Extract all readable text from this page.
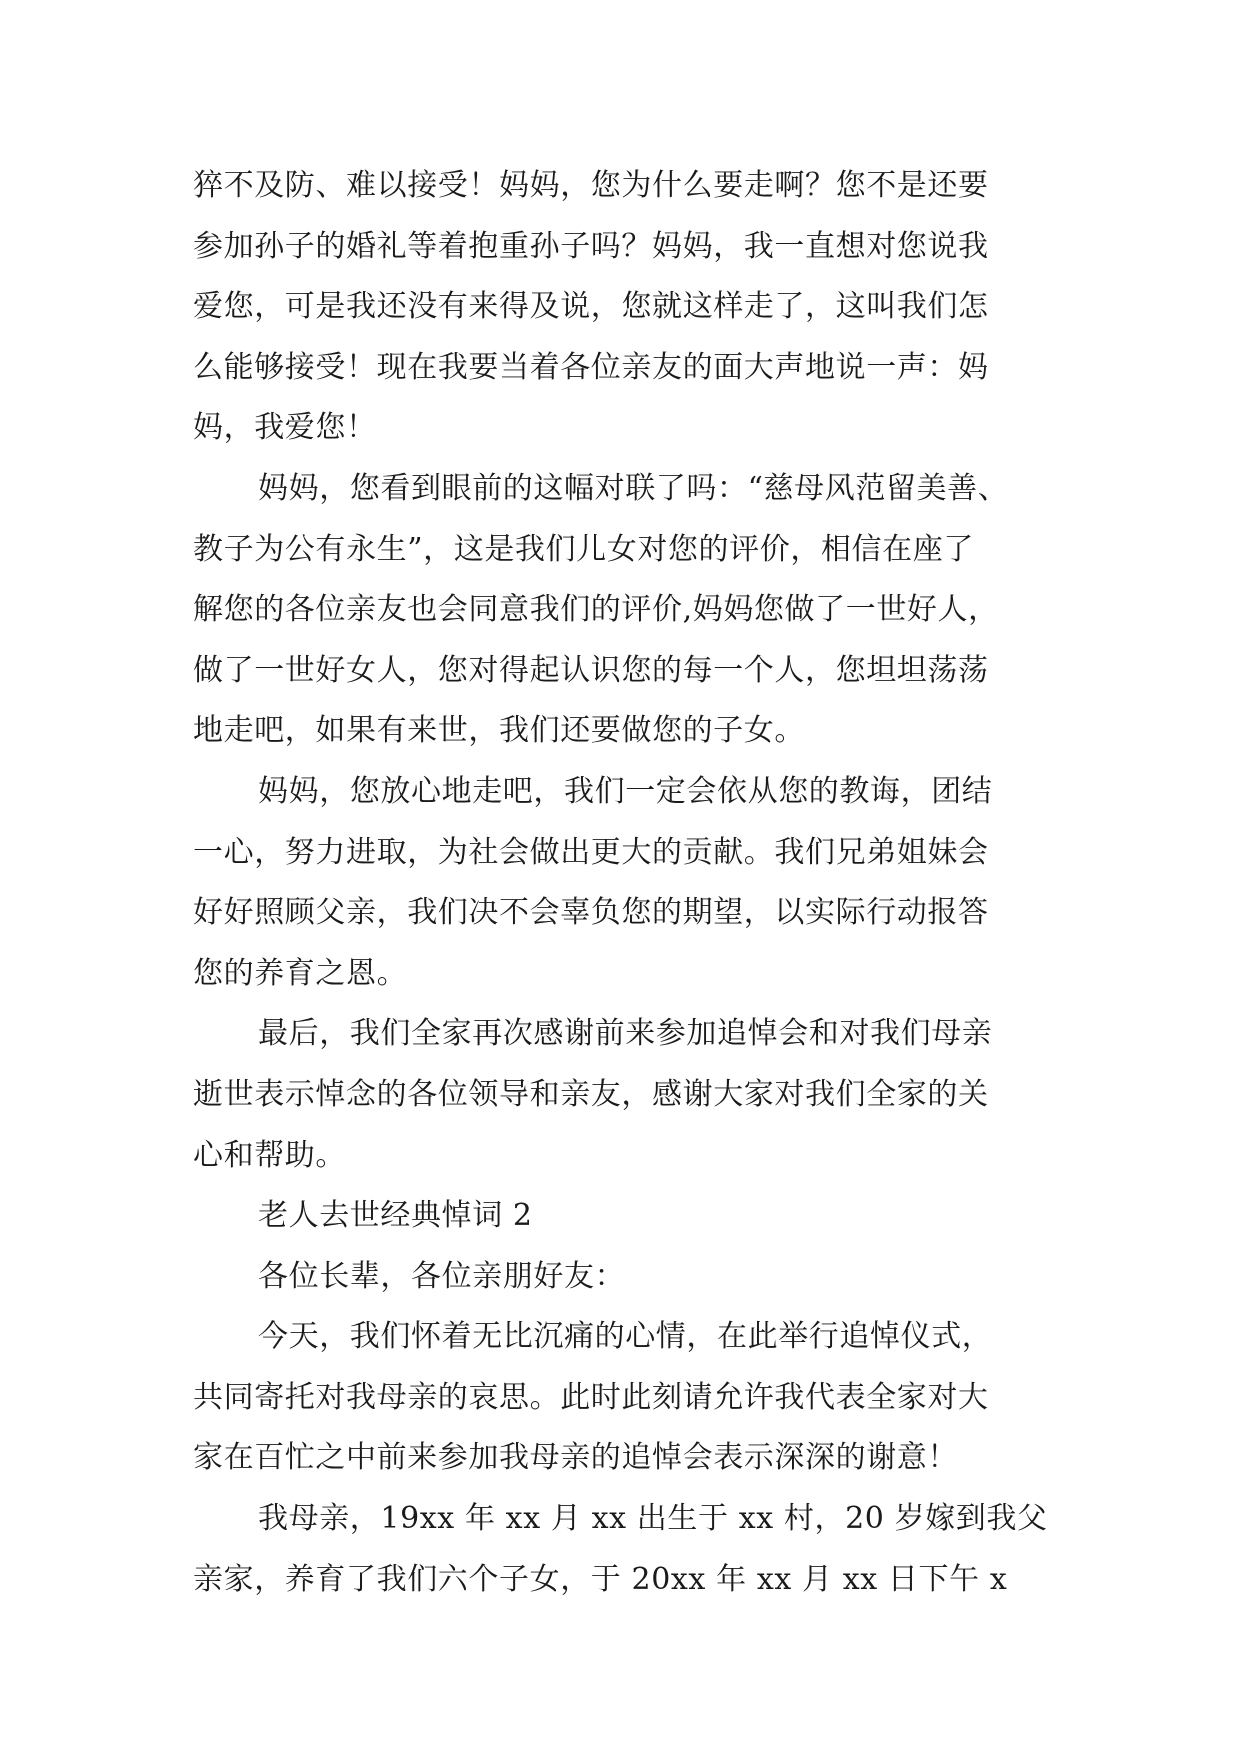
猝不及防、难以接受！妈妈，您为什么要走啊？您不是还要
参加孙子的婚礼等着抱重孙子吗？妈妈，我一直想对您说我
爱您，可是我还没有来得及说，您就这样走了，这叫我们怎
么能够接受！现在我要当着各位亲友的面大声地说一声：妈
妈，我爱您！
妈妈，您看到眼前的这幅对联了吗：“慈母风范留美善、
教子为公有永生”，这是我们儿女对您的评价，相信在座了
解您的各位亲友也会同意我们的评价,妈妈您做了一世好人，
做了一世好女人，您对得起认识您的每一个人，您坦坦荡荡
地走吧，如果有来世，我们还要做您的子女。
妈妈，您放心地走吧，我们一定会依从您的教诲，团结
一心，努力进取，为社会做出更大的贡献。我们兄弟姐妹会
好好照顾父亲，我们决不会辜负您的期望，以实际行动报答
您的养育之恩。
最后，我们全家再次感谢前来参加追悼会和对我们母亲
逝世表示悼念的各位领导和亲友，感谢大家对我们全家的关
心和帮助。
老人去世经典悼词 2
各位长辈，各位亲朋好友：
今天，我们怀着无比沉痛的心情，在此举行追悼仪式，
共同寄托对我母亲的哀思。此时此刻请允许我代表全家对大
家在百忙之中前来参加我母亲的追悼会表示深深的谢意！
我母亲，19xx 年 xx 月 xx 出生于 xx 村，20 岁嫁到我父
亲家，养育了我们六个子女，于 20xx 年 xx 月 xx 日下午 x
